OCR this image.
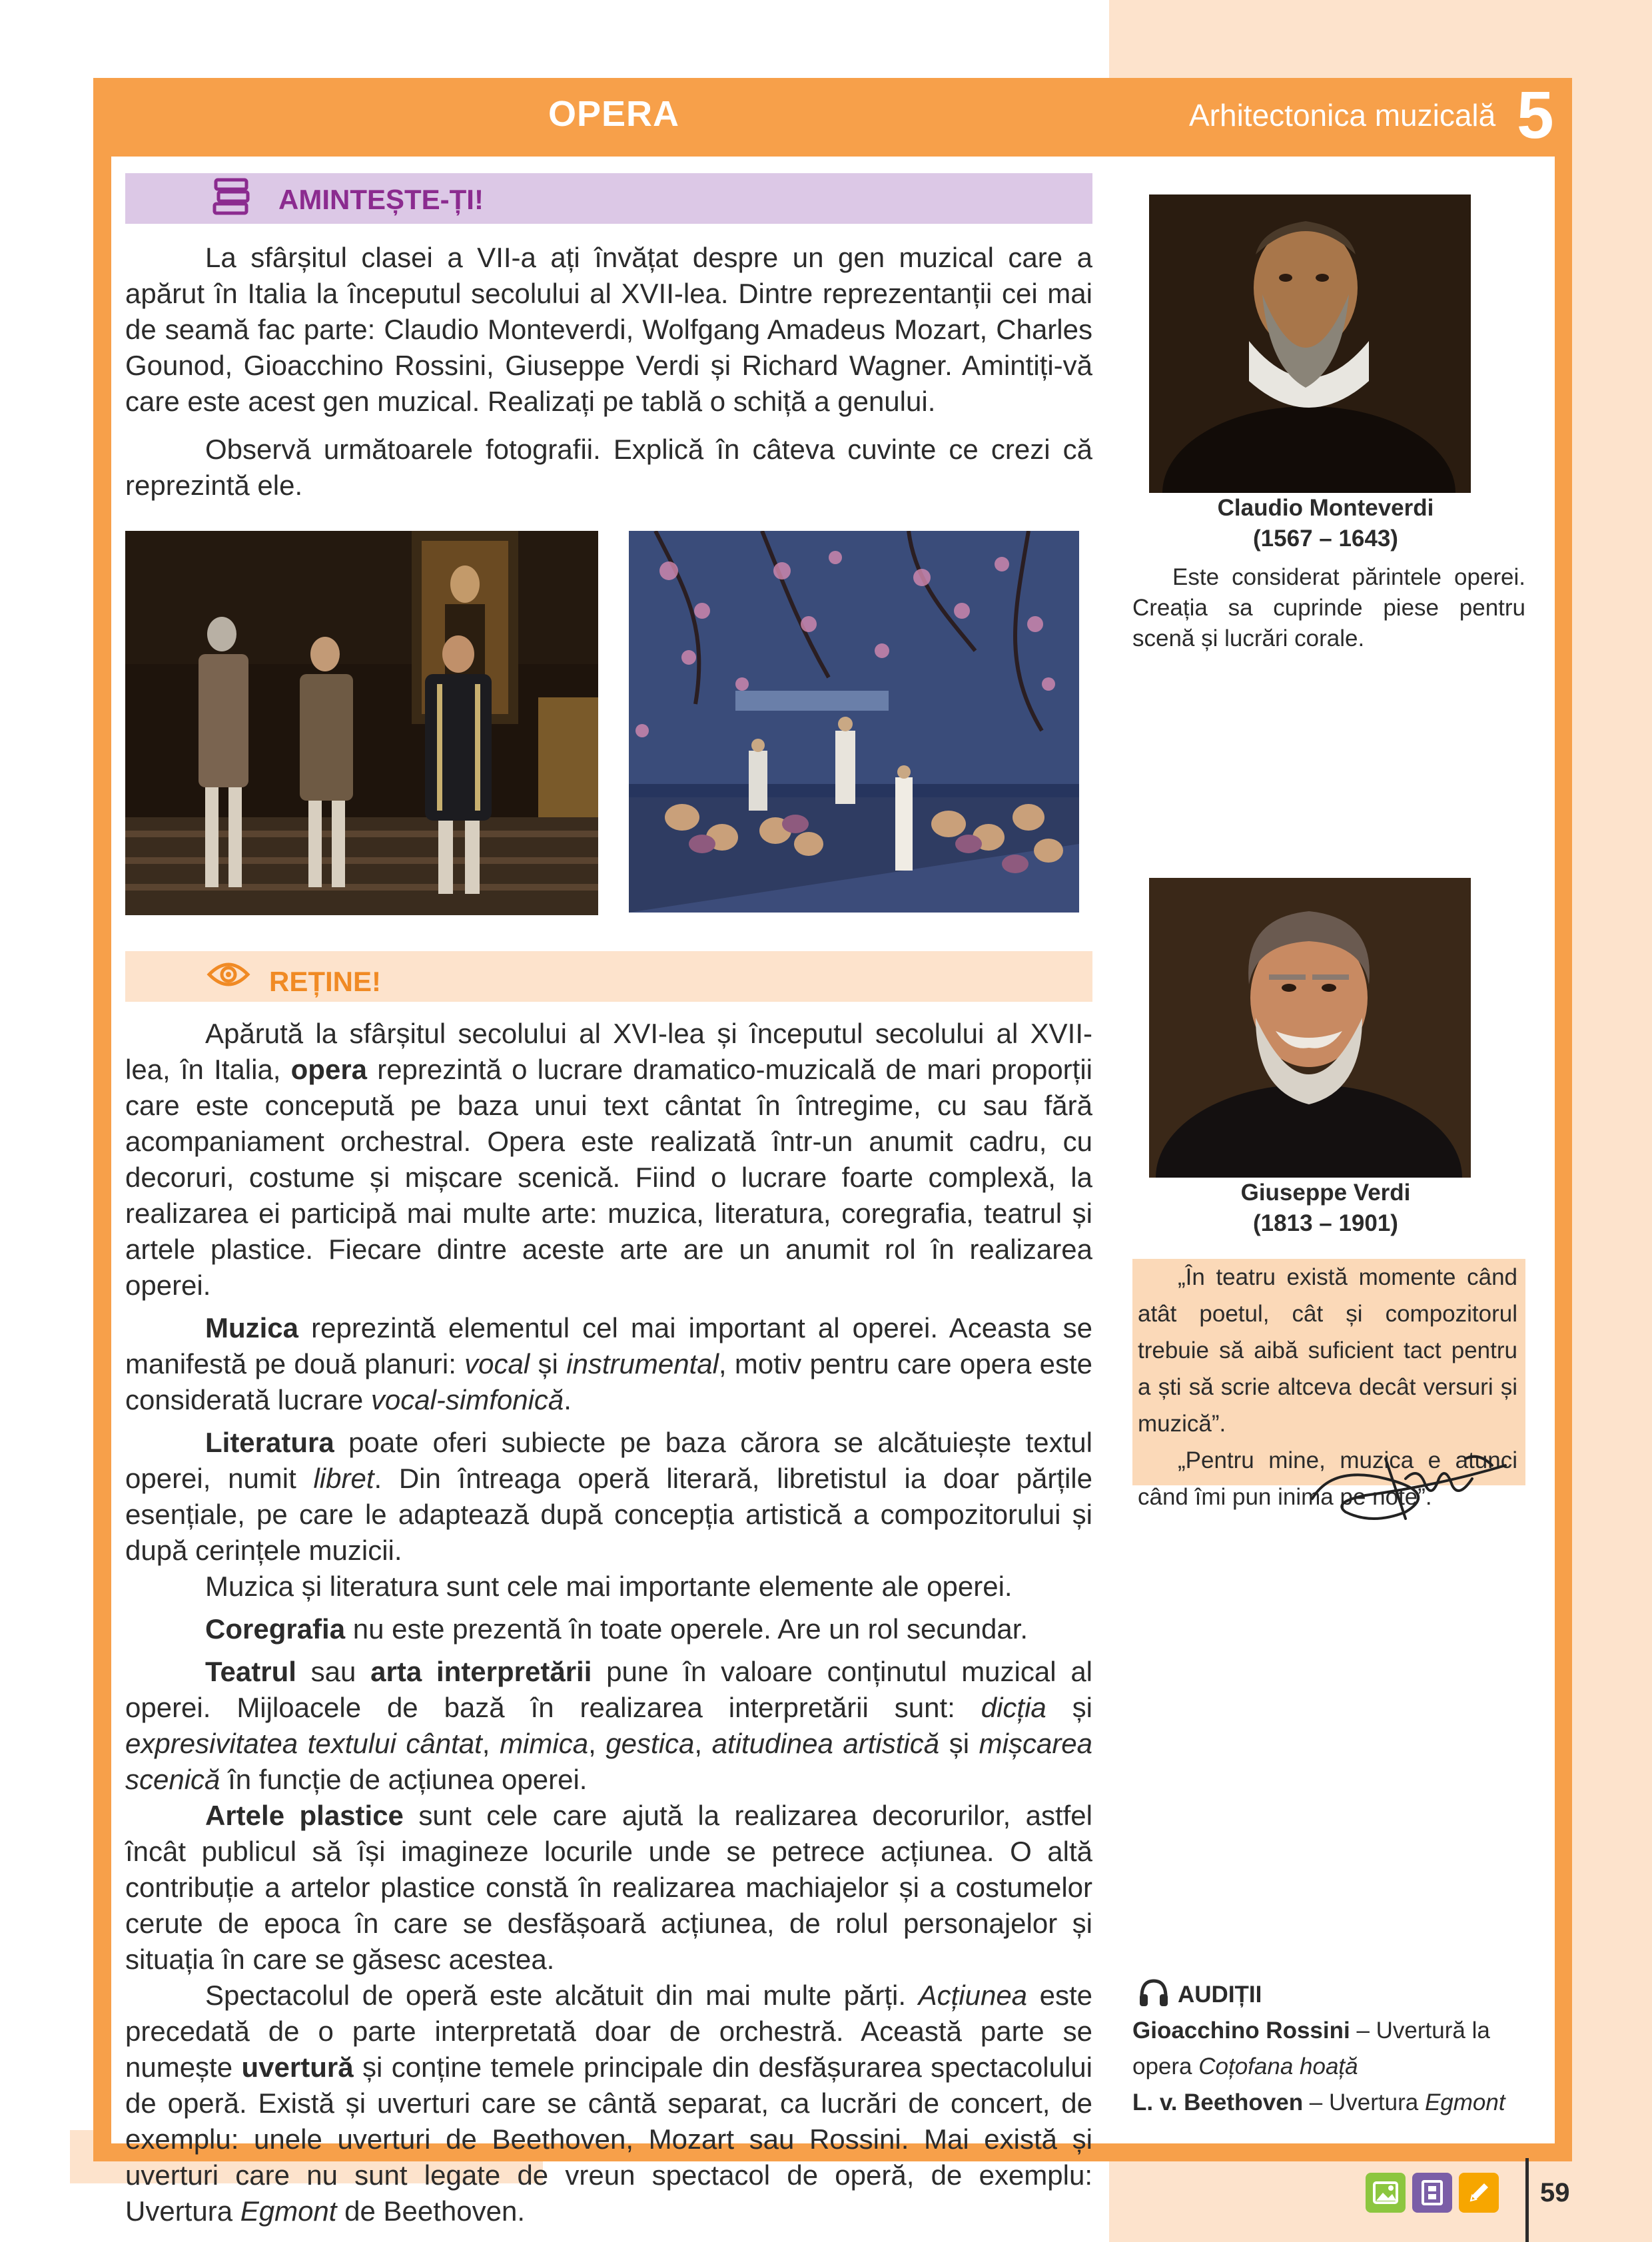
OPERA	Arhitectonica muzicală 5
AMINTEȘTE-ȚI!

La sfârșitul clasei a VII-a ați învățat despre un gen muzical care a apărut în Italia la începutul secolului al XVII-lea. Dintre reprezentanții cei mai de seamă fac parte: Claudio Monteverdi, Wolfgang Amadeus Mozart, Charles Gounod, Gioacchino Rossini, Giuseppe Verdi și Richard Wagner. Amintiți-vă care este acest gen muzical. Realizați pe tablă o schiță a genului.

Observă următoarele fotografii. Explică în câteva cuvinte ce crezi că reprezintă ele.

Claudio Monteverdi
(1567 – 1643)
Este considerat părintele operei. Creația sa cuprinde piese pentru scenă și lucrări corale.
Giuseppe Verdi
(1813 – 1901)

„În teatru există momente când atât poetul, cât și compozitorul trebuie să aibă suficient tact pentru a ști să scrie altceva decât versuri și muzică”.

„Pentru mine, muzica e atunci când îmi pun inima pe note”.

REȚINE!

Apărută la sfârșitul secolului al XVI-lea și începutul secolului al XVII-lea, în Italia, opera reprezintă o lucrare dramatico-muzicală de mari proporții care este concepută pe baza unui text cântat în întregime, cu sau fără acompaniament orchestral. Opera este realizată într-un anumit cadru, cu decoruri, costume și mișcare scenică. Fiind o lucrare foarte complexă, la realizarea ei participă mai multe arte: muzica, literatura, coregrafia, teatrul și artele plastice. Fiecare dintre aceste arte are un anumit rol în realizarea operei.

Muzica reprezintă elementul cel mai important al operei. Aceasta se manifestă pe două planuri: vocal și instrumental, motiv pentru care opera este considerată lucrare vocal-simfonică.

Literatura poate oferi subiecte pe baza cărora se alcătuiește textul operei, numit libret. Din întreaga operă literară, libretistul ia doar părțile esențiale, pe care le adaptează după concepția artistică a compozitorului și după cerințele muzicii.

Muzica și literatura sunt cele mai importante elemente ale operei.

Coregrafia nu este prezentă în toate operele. Are un rol secundar.

Teatrul sau arta interpretării pune în valoare conținutul muzical al operei. Mijloacele de bază în realizarea interpretării sunt: dicția și expresivitatea textului cântat, mimica, gestica, atitudinea artistică și mișcarea scenică în funcție de acțiunea operei.

Artele plastice sunt cele care ajută la realizarea decorurilor, astfel încât publicul să își imagineze locurile unde se petrece acțiunea. O altă contribuție a artelor plastice constă în realizarea machiajelor și a costumelor cerute de epoca în care se desfășoară acțiunea, de rolul personajelor și situația în care se găsesc acestea.

Spectacolul de operă este alcătuit din mai multe părți. Acțiunea este precedată de o parte interpretată doar de orchestră. Această parte se numește uvertură și conține temele principale din desfășurarea spectacolului de operă. Există și uverturi care se cântă separat, ca lucrări de concert, de exemplu: unele uverturi de Beethoven, Mozart sau Rossini. Mai există și uverturi care nu sunt legate de vreun spectacol de operă, de exemplu: Uvertura Egmont de Beethoven.

AUDIȚII
Gioacchino Rossini – Uvertură la opera Coțofana hoață
L. v. Beethoven – Uvertura Egmont
59
